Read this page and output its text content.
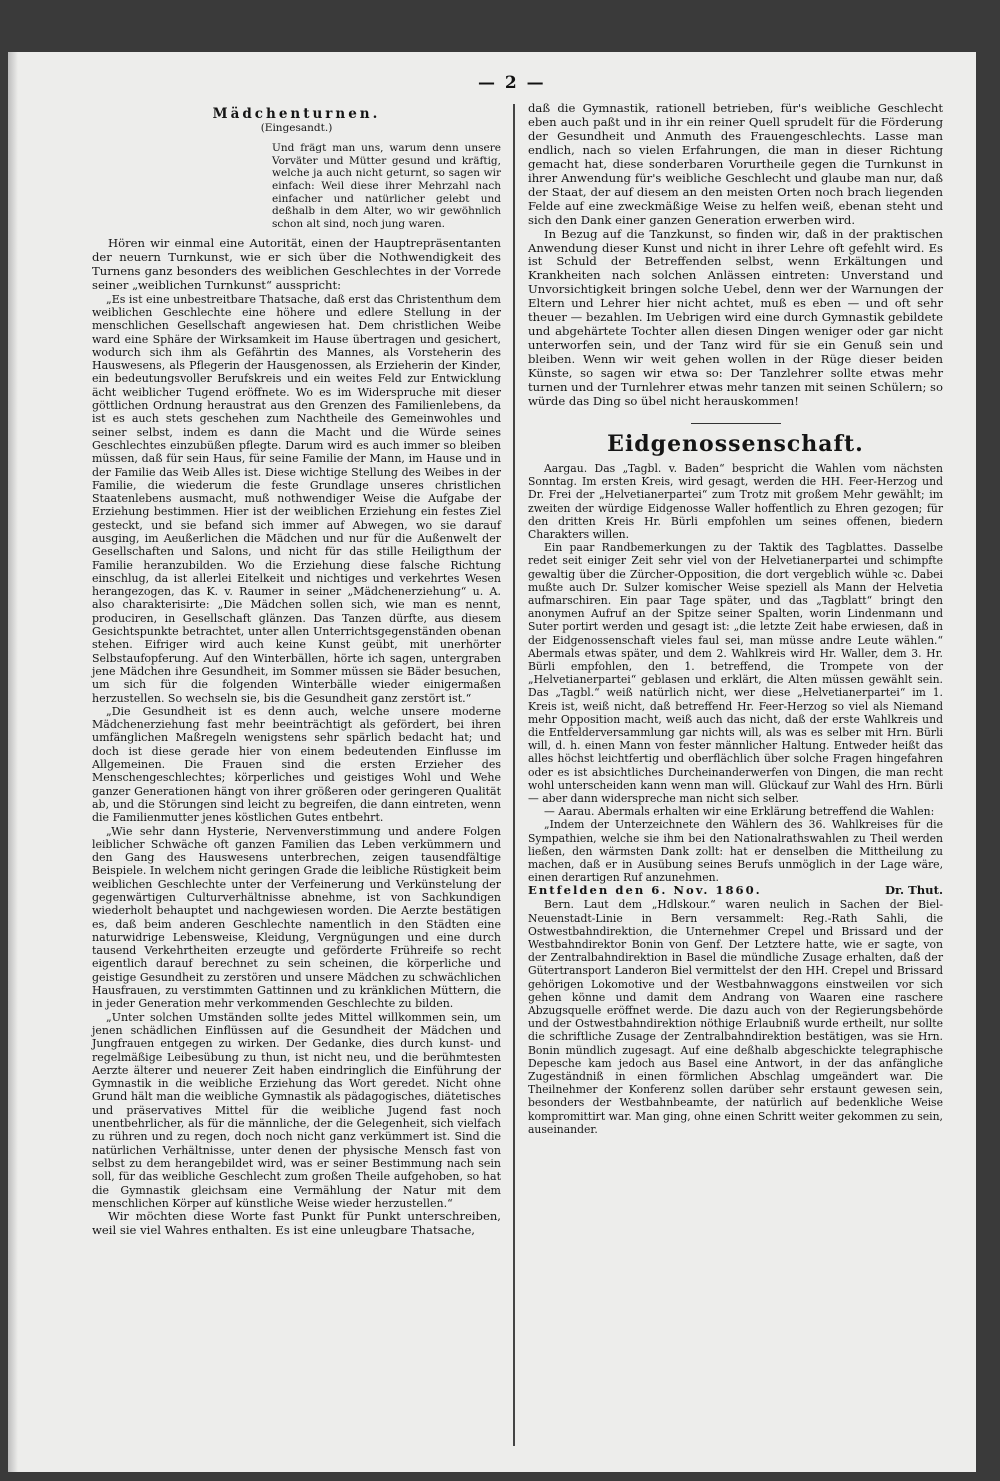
— 2 —
Mädchenturnen.
(Eingesandt.)
Und frägt man uns, warum denn unsere Vorväter und Mütter gesund und kräftig, welche ja auch nicht geturnt, so sagen wir einfach: Weil diese ihrer Mehrzahl nach einfacher und natürlicher gelebt und deßhalb in dem Alter, wo wir gewöhnlich schon alt sind, noch jung waren.

Hören wir einmal eine Autorität, einen der Hauptrepräsentanten der neuern Turnkunst, wie er sich über die Nothwendigkeit des Turnens ganz besonders des weiblichen Geschlechtes in der Vorrede seiner „weiblichen Turnkunst“ ausspricht:

„Es ist eine unbestreitbare Thatsache, daß erst das Christenthum dem weiblichen Geschlechte eine höhere und edlere Stellung in der menschlichen Gesellschaft angewiesen hat. Dem christlichen Weibe ward eine Sphäre der Wirksamkeit im Hause übertragen und gesichert, wodurch sich ihm als Gefährtin des Mannes, als Vorsteherin des Hauswesens, als Pflegerin der Hausgenossen, als Erzieherin der Kinder, ein bedeutungsvoller Berufskreis und ein weites Feld zur Entwicklung ächt weiblicher Tugend eröffnete. Wo es im Widerspruche mit dieser göttlichen Ordnung heraustrat aus den Grenzen des Familienlebens, da ist es auch stets geschehen zum Nachtheile des Gemeinwohles und seiner selbst, indem es dann die Macht und die Würde seines Geschlechtes einzubüßen pflegte. Darum wird es auch immer so bleiben müssen, daß für sein Haus, für seine Familie der Mann, im Hause und in der Familie das Weib Alles ist. Diese wichtige Stellung des Weibes in der Familie, die wiederum die feste Grundlage unseres christlichen Staatenlebens ausmacht, muß nothwendiger Weise die Aufgabe der Erziehung bestimmen. Hier ist der weiblichen Erziehung ein festes Ziel gesteckt, und sie befand sich immer auf Abwegen, wo sie darauf ausging, im Aeußerlichen die Mädchen und nur für die Außenwelt der Gesellschaften und Salons, und nicht für das stille Heiligthum der Familie heranzubilden. Wo die Erziehung diese falsche Richtung einschlug, da ist allerlei Eitelkeit und nichtiges und verkehrtes Wesen herangezogen, das K. v. Raumer in seiner „Mädchenerziehung“ u. A. also charakterisirte: „Die Mädchen sollen sich, wie man es nennt, produciren, in Gesellschaft glänzen. Das Tanzen dürfte, aus diesem Gesichtspunkte betrachtet, unter allen Unterrichtsgegenständen obenan stehen. Eifriger wird auch keine Kunst geübt, mit unerhörter Selbstaufopferung. Auf den Winterbällen, hörte ich sagen, untergraben jene Mädchen ihre Gesundheit, im Sommer müssen sie Bäder besuchen, um sich für die folgenden Winterbälle wieder einigermaßen herzustellen. So wechseln sie, bis die Gesundheit ganz zerstört ist.“

„Die Gesundheit ist es denn auch, welche unsere moderne Mädchenerziehung fast mehr beeinträchtigt als gefördert, bei ihren umfänglichen Maßregeln wenigstens sehr spärlich bedacht hat; und doch ist diese gerade hier von einem bedeutenden Einflusse im Allgemeinen. Die Frauen sind die ersten Erzieher des Menschengeschlechtes; körperliches und geistiges Wohl und Wehe ganzer Generationen hängt von ihrer größeren oder geringeren Qualität ab, und die Störungen sind leicht zu begreifen, die dann eintreten, wenn die Familienmutter jenes köstlichen Gutes entbehrt.

„Wie sehr dann Hysterie, Nervenverstimmung und andere Folgen leiblicher Schwäche oft ganzen Familien das Leben verkümmern und den Gang des Hauswesens unterbrechen, zeigen tausendfältige Beispiele. In welchem nicht geringen Grade die leibliche Rüstigkeit beim weiblichen Geschlechte unter der Verfeinerung und Verkünstelung der gegenwärtigen Culturverhältnisse abnehme, ist von Sachkundigen wiederholt behauptet und nachgewiesen worden. Die Aerzte bestätigen es, daß beim anderen Geschlechte namentlich in den Städten eine naturwidrige Lebensweise, Kleidung, Vergnügungen und eine durch tausend Verkehrtheiten erzeugte und geförderte Frühreife so recht eigentlich darauf berechnet zu sein scheinen, die körperliche und geistige Gesundheit zu zerstören und unsere Mädchen zu schwächlichen Hausfrauen, zu verstimmten Gattinnen und zu kränklichen Müttern, die in jeder Generation mehr verkommenden Geschlechte zu bilden.

„Unter solchen Umständen sollte jedes Mittel willkommen sein, um jenen schädlichen Einflüssen auf die Gesundheit der Mädchen und Jungfrauen entgegen zu wirken. Der Gedanke, dies durch kunst- und regelmäßige Leibesübung zu thun, ist nicht neu, und die berühmtesten Aerzte älterer und neuerer Zeit haben eindringlich die Einführung der Gymnastik in die weibliche Erziehung das Wort geredet. Nicht ohne Grund hält man die weibliche Gymnastik als pädagogisches, diätetisches und präservatives Mittel für die weibliche Jugend fast noch unentbehrlicher, als für die männliche, der die Gelegenheit, sich vielfach zu rühren und zu regen, doch noch nicht ganz verkümmert ist. Sind die natürlichen Verhältnisse, unter denen der physische Mensch fast von selbst zu dem herangebildet wird, was er seiner Bestimmung nach sein soll, für das weibliche Geschlecht zum großen Theile aufgehoben, so hat die Gymnastik gleichsam eine Vermählung der Natur mit dem menschlichen Körper auf künstliche Weise wieder herzustellen.“

Wir möchten diese Worte fast Punkt für Punkt unterschreiben, weil sie viel Wahres enthalten. Es ist eine unleugbare Thatsache,

daß die Gymnastik, rationell betrieben, für's weibliche Geschlecht eben auch paßt und in ihr ein reiner Quell sprudelt für die Förderung der Gesundheit und Anmuth des Frauengeschlechts. Lasse man endlich, nach so vielen Erfahrungen, die man in dieser Richtung gemacht hat, diese sonderbaren Vorurtheile gegen die Turnkunst in ihrer Anwendung für's weibliche Geschlecht und glaube man nur, daß der Staat, der auf diesem an den meisten Orten noch brach liegenden Felde auf eine zweckmäßige Weise zu helfen weiß, ebenan steht und sich den Dank einer ganzen Generation erwerben wird.

In Bezug auf die Tanzkunst, so finden wir, daß in der praktischen Anwendung dieser Kunst und nicht in ihrer Lehre oft gefehlt wird. Es ist Schuld der Betreffenden selbst, wenn Erkältungen und Krankheiten nach solchen Anlässen eintreten: Unverstand und Unvorsichtigkeit bringen solche Uebel, denn wer der Warnungen der Eltern und Lehrer hier nicht achtet, muß es eben — und oft sehr theuer — bezahlen. Im Uebrigen wird eine durch Gymnastik gebildete und abgehärtete Tochter allen diesen Dingen weniger oder gar nicht unterworfen sein, und der Tanz wird für sie ein Genuß sein und bleiben. Wenn wir weit gehen wollen in der Rüge dieser beiden Künste, so sagen wir etwa so: Der Tanzlehrer sollte etwas mehr turnen und der Turnlehrer etwas mehr tanzen mit seinen Schülern; so würde das Ding so übel nicht herauskommen!

Eidgenossenschaft.

Aargau. Das „Tagbl. v. Baden“ bespricht die Wahlen vom nächsten Sonntag. Im ersten Kreis, wird gesagt, werden die HH. Feer-Herzog und Dr. Frei der „Helvetianerpartei“ zum Trotz mit großem Mehr gewählt; im zweiten der würdige Eidgenosse Waller hoffentlich zu Ehren gezogen; für den dritten Kreis Hr. Bürli empfohlen um seines offenen, biedern Charakters willen.

Ein paar Randbemerkungen zu der Taktik des Tagblattes. Dasselbe redet seit einiger Zeit sehr viel von der Helvetianerpartei und schimpfte gewaltig über die Zürcher-Opposition, die dort vergeblich wühle ꝛc. Dabei mußte auch Dr. Sulzer komischer Weise speziell als Mann der Helvetia aufmarschiren. Ein paar Tage später, und das „Tagblatt“ bringt den anonymen Aufruf an der Spitze seiner Spalten, worin Lindenmann und Suter portirt werden und gesagt ist: „die letzte Zeit habe erwiesen, daß in der Eidgenossenschaft vieles faul sei, man müsse andre Leute wählen.“ Abermals etwas später, und dem 2. Wahlkreis wird Hr. Waller, dem 3. Hr. Bürli empfohlen, den 1. betreffend, die Trompete von der „Helvetianerpartei“ geblasen und erklärt, die Alten müssen gewählt sein. Das „Tagbl.“ weiß natürlich nicht, wer diese „Helvetianerpartei“ im 1. Kreis ist, weiß nicht, daß betreffend Hr. Feer-Herzog so viel als Niemand mehr Opposition macht, weiß auch das nicht, daß der erste Wahlkreis und die Entfelderversammlung gar nichts will, als was es selber mit Hrn. Bürli will, d. h. einen Mann von fester männlicher Haltung. Entweder heißt das alles höchst leichtfertig und oberflächlich über solche Fragen hingefahren oder es ist absichtliches Durcheinanderwerfen von Dingen, die man recht wohl unterscheiden kann wenn man will. Glückauf zur Wahl des Hrn. Bürli — aber dann widerspreche man nicht sich selber.

— Aarau. Abermals erhalten wir eine Erklärung betreffend die Wahlen:

„Indem der Unterzeichnete den Wählern des 36. Wahlkreises für die Sympathien, welche sie ihm bei den Nationalrathswahlen zu Theil werden ließen, den wärmsten Dank zollt: hat er denselben die Mittheilung zu machen, daß er in Ausübung seines Berufs unmöglich in der Lage wäre, einen derartigen Ruf anzunehmen.

Entfelden den 6. Nov. 1860.	Dr. Thut.

Bern. Laut dem „Hdlskour.“ waren neulich in Sachen der Biel-Neuenstadt-Linie in Bern versammelt: Reg.-Rath Sahli, die Ostwestbahndirektion, die Unternehmer Crepel und Brissard und der Westbahndirektor Bonin von Genf. Der Letztere hatte, wie er sagte, von der Zentralbahndirektion in Basel die mündliche Zusage erhalten, daß der Gütertransport Landeron Biel vermittelst der den HH. Crepel und Brissard gehörigen Lokomotive und der Westbahnwaggons einstweilen vor sich gehen könne und damit dem Andrang von Waaren eine raschere Abzugsquelle eröffnet werde. Die dazu auch von der Regierungsbehörde und der Ostwestbahndirektion nöthige Erlaubniß wurde ertheilt, nur sollte die schriftliche Zusage der Zentralbahndirektion bestätigen, was sie Hrn. Bonin mündlich zugesagt. Auf eine deßhalb abgeschickte telegraphische Depesche kam jedoch aus Basel eine Antwort, in der das anfängliche Zugeständniß in einen förmlichen Abschlag umgeändert war. Die Theilnehmer der Konferenz sollen darüber sehr erstaunt gewesen sein, besonders der Westbahnbeamte, der natürlich auf bedenkliche Weise kompromittirt war. Man ging, ohne einen Schritt weiter gekommen zu sein, auseinander.
